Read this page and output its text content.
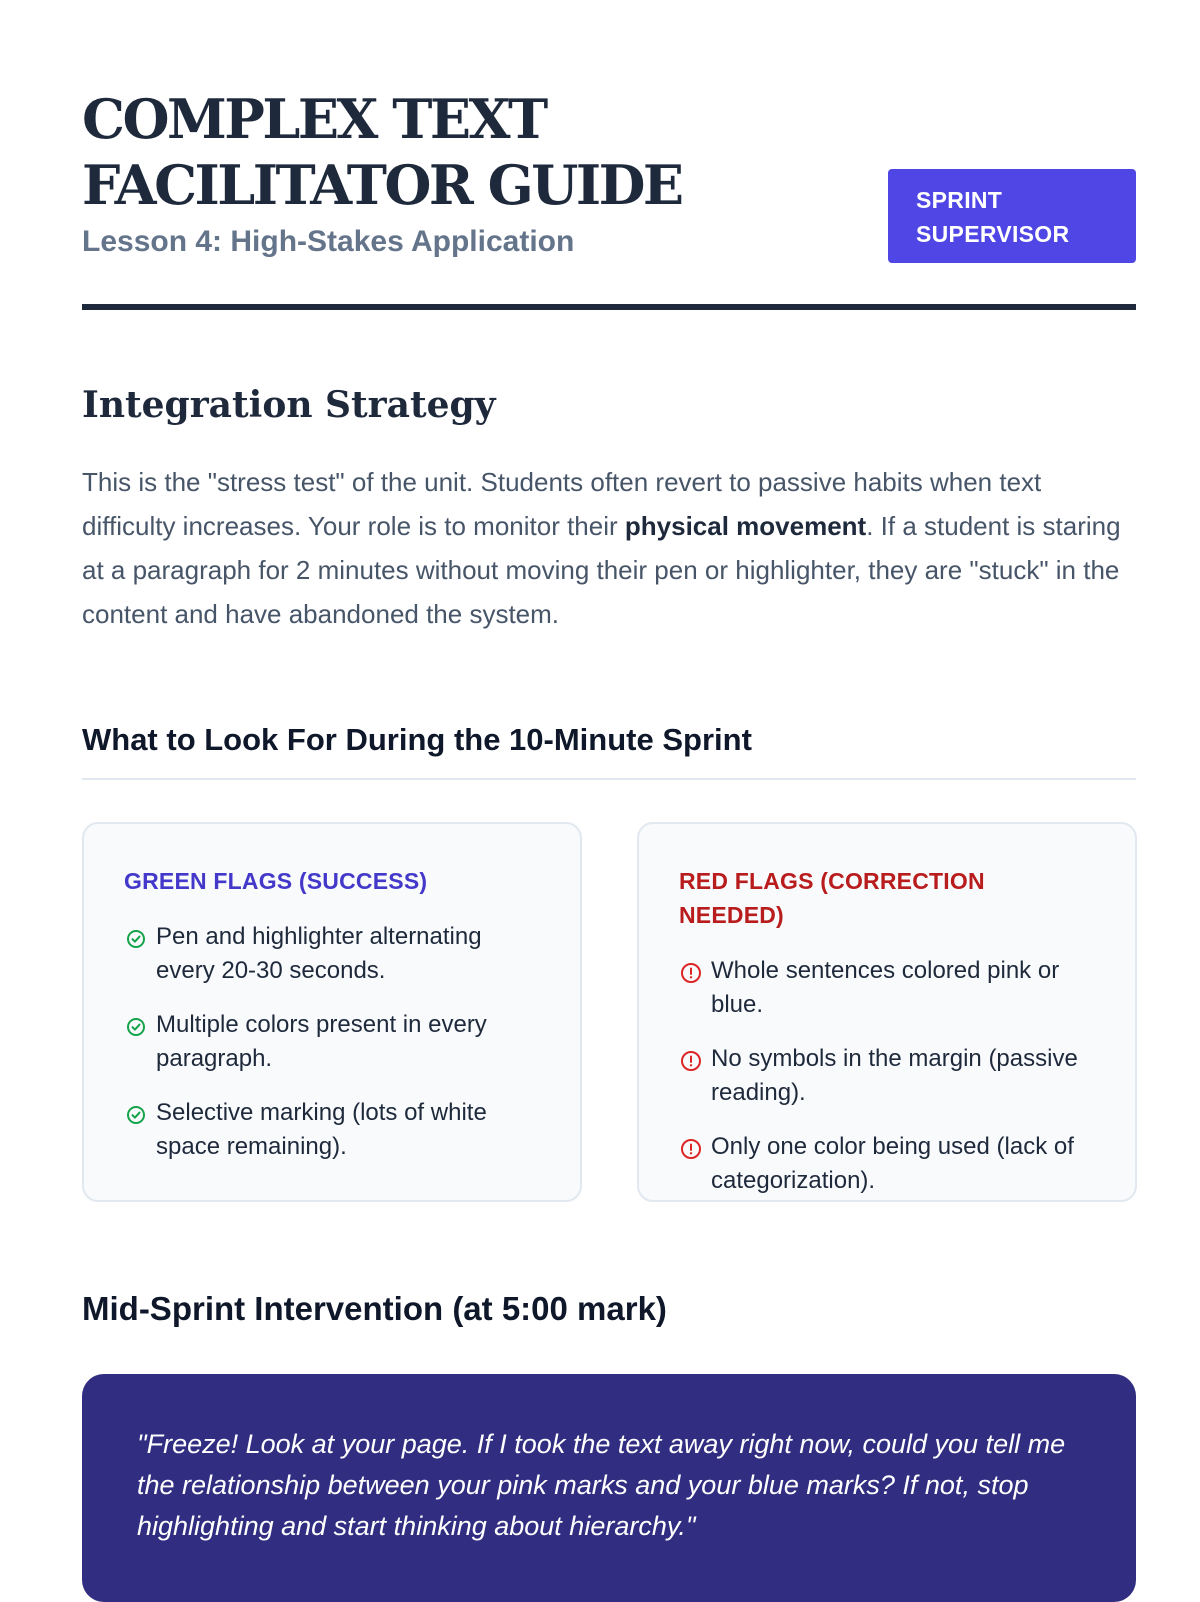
COMPLEX TEXT FACILITATOR GUIDE

Lesson 4: High-Stakes Application

SPRINT SUPERVISOR
Integration Strategy

This is the "stress test" of the unit. Students often revert to passive habits when text difficulty increases. Your role is to monitor their physical movement. If a student is staring at a paragraph for 2 minutes without moving their pen or highlighter, they are "stuck" in the content and have abandoned the system.

What to Look For During the 10-Minute Sprint
GREEN FLAGS (SUCCESS)
Pen and highlighter alternating every 20-30 seconds.
Multiple colors present in every paragraph.
Selective marking (lots of white space remaining).
RED FLAGS (CORRECTION NEEDED)
Whole sentences colored pink or blue.
No symbols in the margin (passive reading).
Only one color being used (lack of categorization).
Mid-Sprint Intervention (at 5:00 mark)

"Freeze! Look at your page. If I took the text away right now, could you tell me the relationship between your pink marks and your blue marks? If not, stop highlighting and start thinking about hierarchy."
